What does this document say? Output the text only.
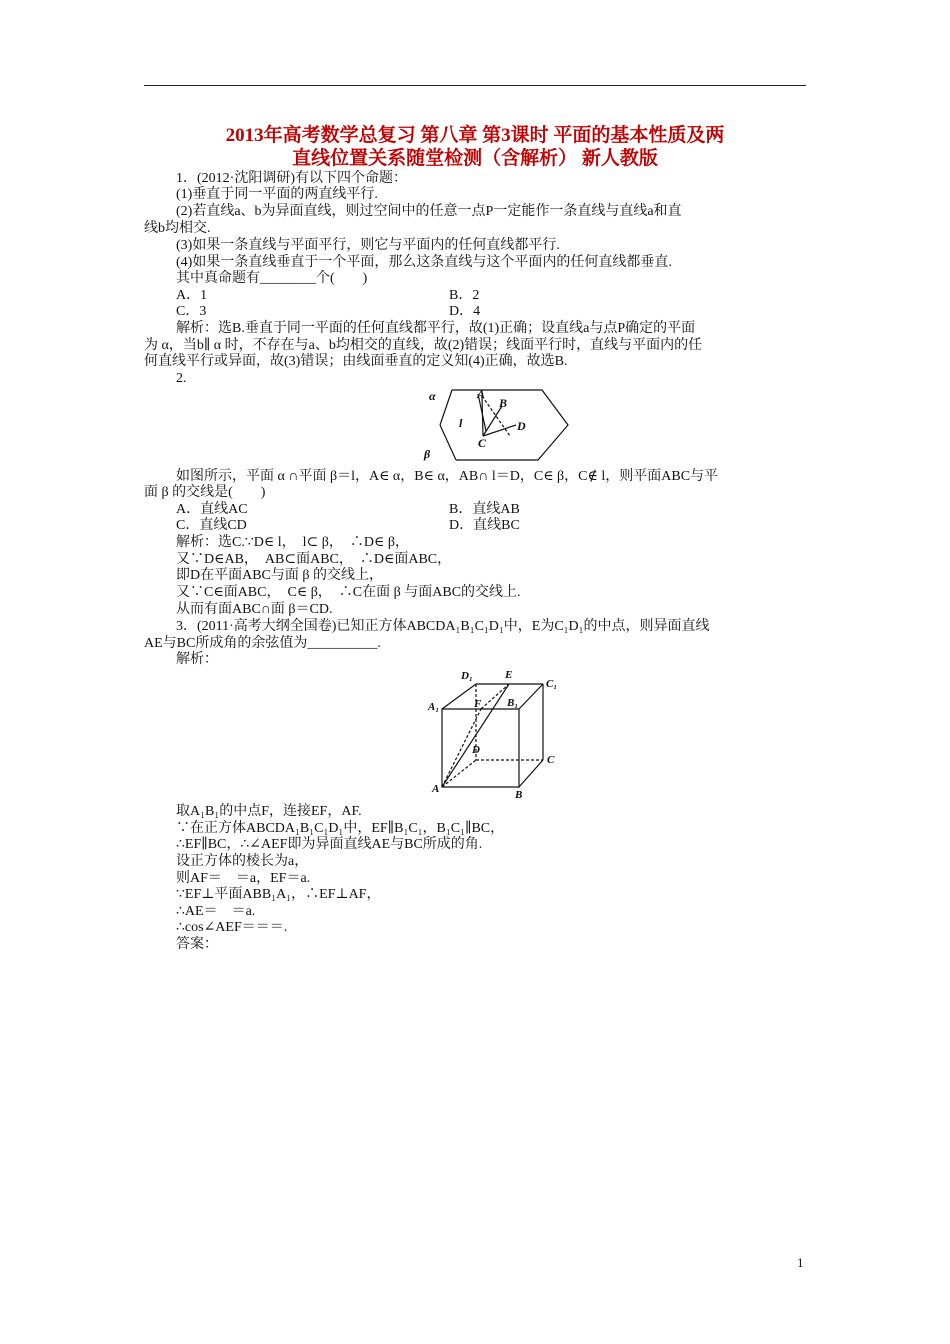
2013年高考数学总复习 第八章 第3课时 平面的基本性质及两
直线位置关系随堂检测（含解析） 新人教版
1．(2012·沈阳调研)有以下四个命题：
(1)垂直于同一平面的两直线平行.
(2)若直线a、b为异面直线，则过空间中的任意一点P一定能作一条直线与直线a和直
线b均相交.
(3)如果一条直线与平面平行，则它与平面内的任何直线都平行.
(4)如果一条直线垂直于一个平面，那么这条直线与这个平面内的任何直线都垂直.
其中真命题有________个(　　)
A．1	B．2
C．3	D．4
解析：选B.垂直于同一平面的任何直线都平行，故(1)正确；设直线a与点P确定的平面
为 α，当b∥ α 时，不存在与a、b均相交的直线，故(2)错误；线面平行时，直线与平面内的任
何直线平行或异面，故(3)错误；由线面垂直的定义知(4)正确，故选B.
2.
α
β
l
A
B
C
D
如图所示，平面 α ∩平面 β＝l，A∈ α，B∈ α，AB∩ l＝D，C∈ β，C∉ l，则平面ABC与平
面 β 的交线是(　　)
A．直线AC	B．直线AB
C．直线CD	D．直线BC
解析：选C.∵D∈ l，　l⊂ β，　∴D∈ β，
又∵D∈AB，　AB⊂面ABC，　∴D∈面ABC，
即D在平面ABC与面 β 的交线上，
又∵C∈面ABC，　C∈ β，　∴C在面 β 与面ABC的交线上.
从而有面ABC∩面 β＝CD.
3．(2011·高考大纲全国卷)已知正方体ABCDA₁B₁C₁D₁中，E为C₁D₁的中点，则异面直线
AE与BC所成角的余弦值为__________.
解析：
D₁	E
C₁
A₁	F B₁
D
C
A	B
取A₁B₁的中点F，连接EF，AF.
∵在正方体ABCDA₁B₁C₁D₁中，EF∥B₁C₁，B₁C₁∥BC，
∴EF∥BC，∴∠AEF即为异面直线AE与BC所成的角.
设正方体的棱长为a，
则AF＝　＝a，EF＝a.
∵EF⊥平面ABB₁A₁，∴EF⊥AF，
∴AE＝　＝a.
∴cos∠AEF＝＝＝.
答案：
1
